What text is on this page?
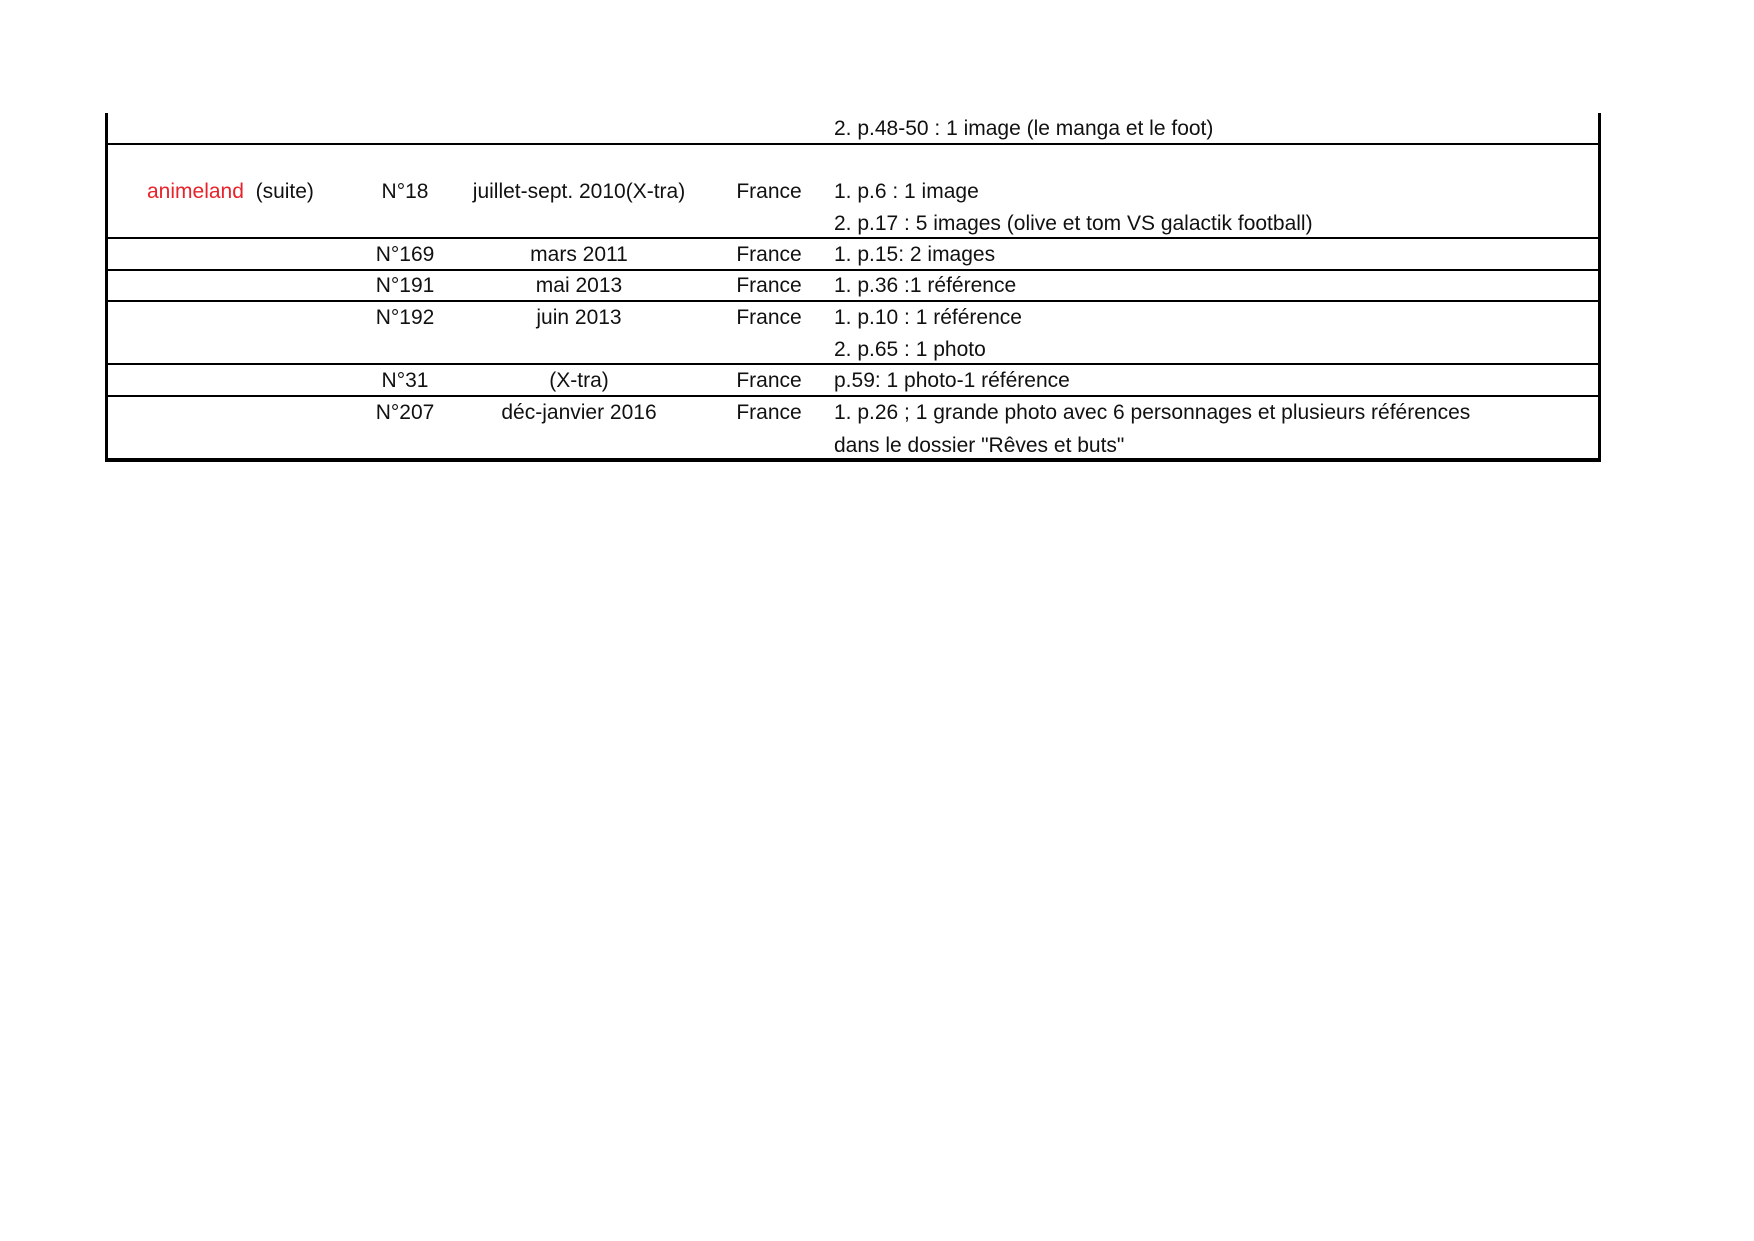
2. p.48-50 : 1 image (le manga et le foot)
animeland (suite)	N°18 juillet-sept. 2010(X-tra) France 1. p.6 : 1 image
2. p.17 : 5 images (olive et tom VS galactik football)
N°169	mars 2011	France 1. p.15: 2 images
N°191	mai 2013	France 1. p.36 :1 référence
N°192	juin 2013	France 1. p.10 : 1 référence
2. p.65 : 1 photo
N°31	(X-tra)	France p.59: 1 photo-1 référence
N°207	déc-janvier 2016	France 1. p.26 ; 1 grande photo avec 6 personnages et plusieurs références
dans le dossier "Rêves et buts"
